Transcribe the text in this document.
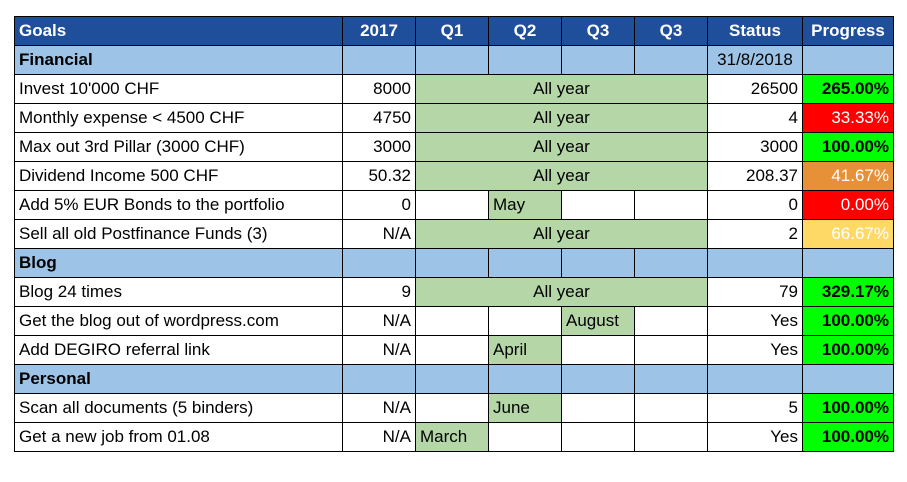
Goals	2017	Q1	Q2	Q3	Q3	Status	Progress
Financial						31/8/2018	
Invest 10'000 CHF	8000	All year				26500	265.00%
Monthly expense < 4500 CHF	4750	All year				4	33.33%
Max out 3rd Pillar (3000 CHF)	3000	All year				3000	100.00%
Dividend Income 500 CHF	50.32	All year				208.37	41.67%
Add 5% EUR Bonds to the portfolio	0		May			0	0.00%
Sell all old Postfinance Funds (3)	N/A	All year				2	66.67%
Blog							
Blog 24 times	9	All year				79	329.17%
Get the blog out of wordpress.com	N/A			August		Yes	100.00%
Add DEGIRO referral link	N/A		April			Yes	100.00%
Personal							
Scan all documents (5 binders)	N/A		June			5	100.00%
Get a new job from 01.08	N/A	March				Yes	100.00%
